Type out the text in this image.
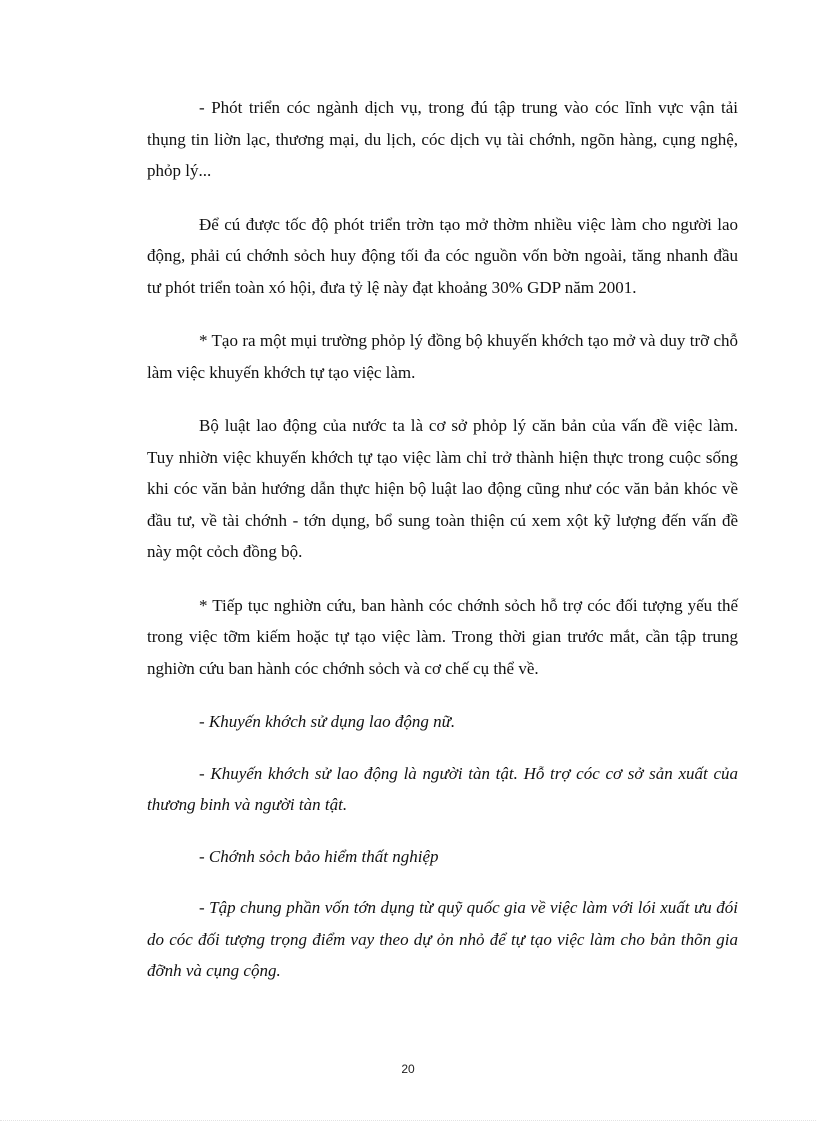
- Phót triển cóc ngành dịch vụ, trong đú tập trung vào cóc lĩnh vực vận tải thụng tin liờn lạc, thương mại, du lịch, cóc dịch vụ tài chớnh, ngõn hàng, cụng nghệ, phỏp lý...

Để cú được tốc độ phót triển trờn tạo mở thờm nhiều việc làm cho người lao động, phải cú chớnh sỏch huy động tối đa cóc nguồn vốn bờn ngoài, tăng nhanh đầu tư phót triển toàn xó hội, đưa tỷ lệ này đạt khoảng 30% GDP năm 2001.

* Tạo ra một mụi trường phỏp lý đồng bộ khuyến khớch tạo mở và duy trỡ chỗ làm việc khuyến khớch tự tạo việc làm.

Bộ luật lao động của nước ta là cơ sở phỏp lý căn bản của vấn đề việc làm. Tuy nhiờn việc khuyến khớch tự tạo việc làm chỉ trở thành hiện thực trong cuộc sống khi cóc văn bản hướng dẫn thực hiện bộ luật lao động cũng như cóc văn bản khóc về đầu tư, về tài chớnh - tớn dụng, bổ sung toàn thiện cú xem xột kỹ lượng đến vấn đề này một cỏch đồng bộ.

* Tiếp tục nghiờn cứu, ban hành cóc chớnh sỏch hỗ trợ cóc đối tượng yếu thế trong việc tỡm kiếm hoặc tự tạo việc làm. Trong thời gian trước mắt, cần tập trung nghiờn cứu ban hành cóc chớnh sỏch và cơ chế cụ thể về.

- Khuyến khớch sử dụng lao động nữ.

- Khuyến khớch sử lao động là người tàn tật. Hỗ trợ cóc cơ sở sản xuất của thương binh và người tàn tật.

- Chớnh sỏch bảo hiểm thất nghiệp

- Tập chung phần vốn tớn dụng từ quỹ quốc gia về việc làm với lói xuất ưu đói do cóc đối tượng trọng điểm vay theo dự ỏn nhỏ để tự tạo việc làm cho bản thõn gia đỡnh và cụng cộng.

20
